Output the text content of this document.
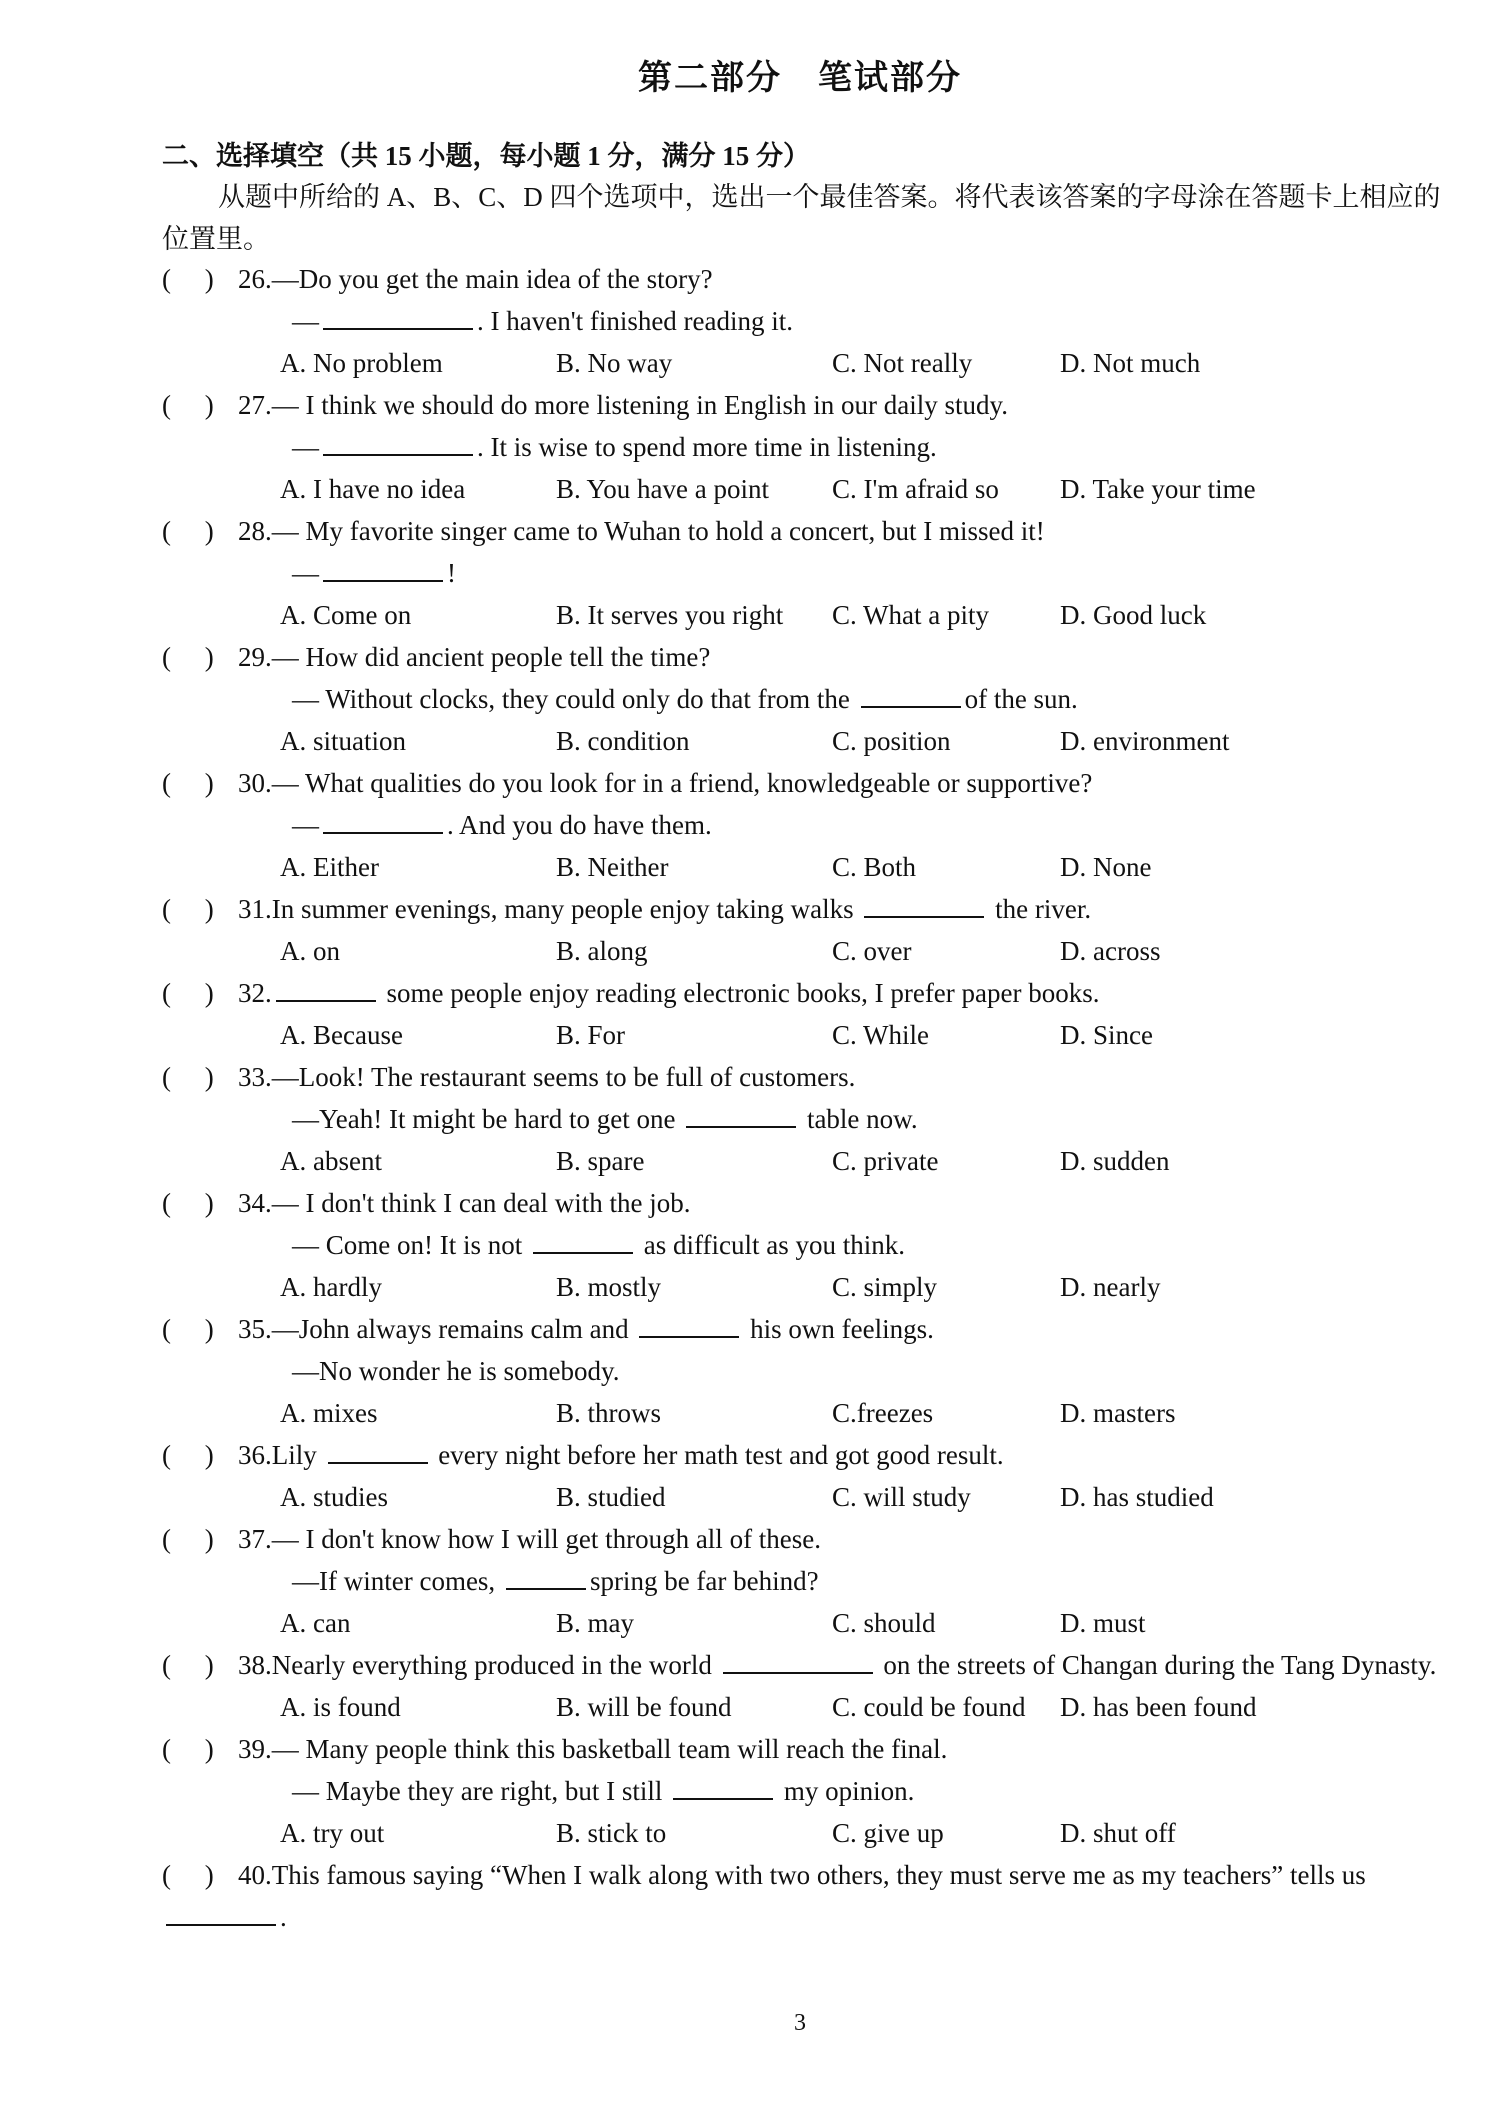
第二部分　笔试部分
二、选择填空（共 15 小题，每小题 1 分，满分 15 分）
从题中所给的 A、B、C、D 四个选项中，选出一个最佳答案。将代表该答案的字母涂在答题卡上相应的位置里。
(　 ) 26.—Do you get the main idea of the story?
—	. I haven't finished reading it.
A. No problem	B. No way	C. Not really	D. Not much
(　 ) 27.— I think we should do more listening in English in our daily study.
—	. It is wise to spend more time in listening.
A. I have no idea	B. You have a point	C. I'm afraid so	D. Take your time
(　 ) 28.— My favorite singer came to Wuhan to hold a concert, but I missed it!
—	!
A. Come on	B. It serves you right	C. What a pity	D. Good luck
(　 ) 29.— How did ancient people tell the time?
— Without clocks, they could only do that from the	of the sun.
A. situation	B. condition	C. position	D. environment
(　 ) 30.— What qualities do you look for in a friend, knowledgeable or supportive?
—	. And you do have them.
A. Either	B. Neither	C. Both	D. None
(　 ) 31.In summer evenings, many people enjoy taking walks	the river.
A. on	B. along	C. over	D. across
(　 ) 32.	some people enjoy reading electronic books, I prefer paper books.
A. Because	B. For	C. While	D. Since
(　 ) 33.—Look! The restaurant seems to be full of customers.
—Yeah! It might be hard to get one	table now.
A. absent	B. spare	C. private	D. sudden
(　 ) 34.— I don't think I can deal with the job.
— Come on! It is not	as difficult as you think.
A. hardly	B. mostly	C. simply	D. nearly
(　 ) 35.—John always remains calm and	his own feelings.
—No wonder he is somebody.
A. mixes	B. throws	C.freezes	D. masters
(　 ) 36.Lily	every night before her math test and got good result.
A. studies	B. studied	C. will study	D. has studied
(　 ) 37.— I don't know how I will get through all of these.
—If winter comes,	spring be far behind?
A. can	B. may	C. should	D. must
(　 ) 38.Nearly everything produced in the world	on the streets of Changan during the Tang Dynasty.
A. is found	B. will be found	C. could be found	D. has been found
(　 ) 39.— Many people think this basketball team will reach the final.
— Maybe they are right, but I still	my opinion.
A. try out	B. stick to	C. give up	D. shut off
(　 ) 40.This famous saying “When I walk along with two others, they must serve me as my teachers” tells us .
3
